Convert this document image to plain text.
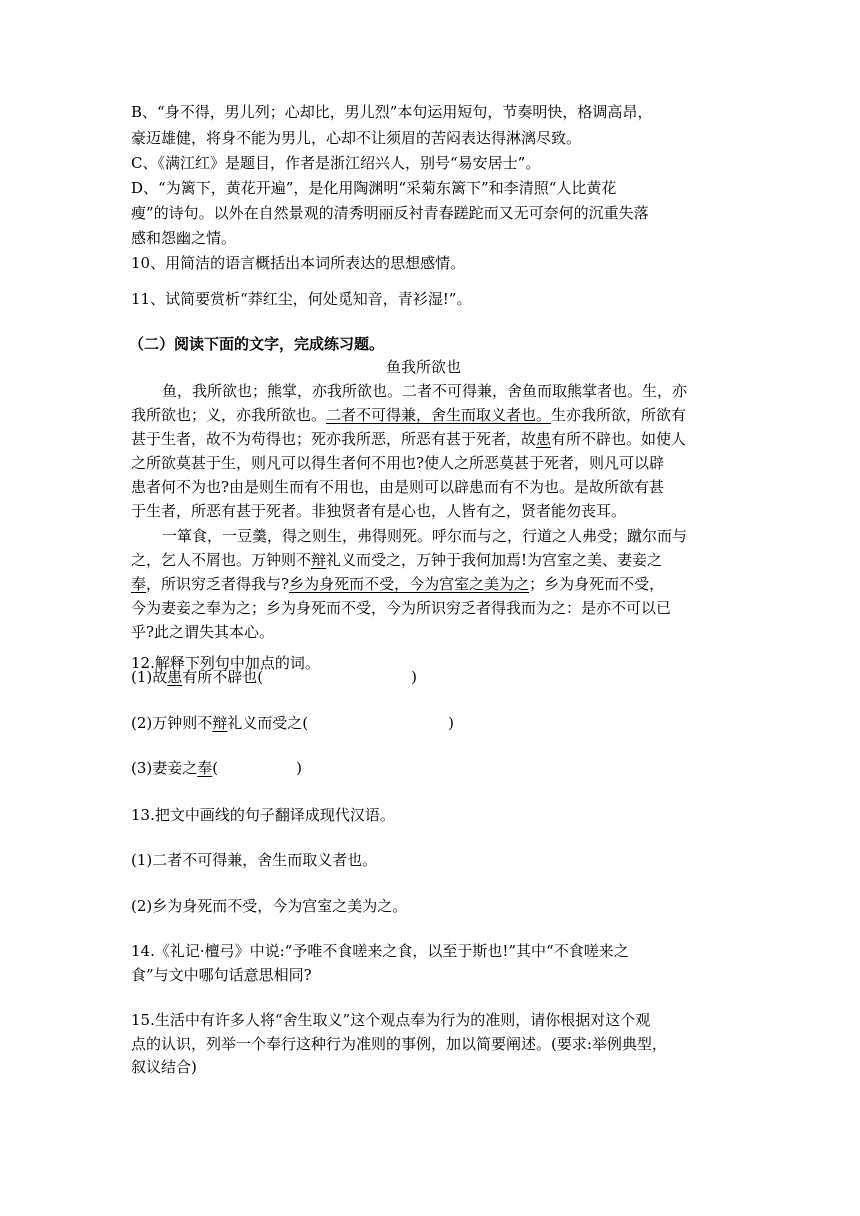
B、“身不得，男儿列；心却比，男儿烈”本句运用短句，节奏明快，格调高昂，
豪迈雄健，将身不能为男儿，心却不让须眉的苦闷表达得淋漓尽致。
C、《满江红》是题目，作者是浙江绍兴人，别号“易安居士”。
D、“为篱下，黄花开遍”，是化用陶渊明“采菊东篱下”和李清照“人比黄花
瘦”的诗句。以外在自然景观的清秀明丽反衬青春蹉跎而又无可奈何的沉重失落
感和怨幽之情。
10、用简洁的语言概括出本词所表达的思想感情。
11、试简要赏析“莽红尘，何处觅知音，青衫湿!”。
（二）阅读下面的文字，完成练习题。
鱼我所欲也
鱼，我所欲也；熊掌，亦我所欲也。二者不可得兼，舍鱼而取熊掌者也。生，亦
我所欲也；义，亦我所欲也。二者不可得兼，舍生而取义者也。生亦我所欲，所欲有
甚于生者，故不为苟得也；死亦我所恶，所恶有甚于死者，故患有所不辟也。如使人
之所欲莫甚于生，则凡可以得生者何不用也?使人之所恶莫甚于死者，则凡可以辟
患者何不为也?由是则生而有不用也，由是则可以辟患而有不为也。是故所欲有甚
于生者，所恶有甚于死者。非独贤者有是心也，人皆有之，贤者能勿丧耳。
一箪食，一豆羹，得之则生，弗得则死。呼尔而与之，行道之人弗受；蹴尔而与
之，乞人不屑也。万钟则不辩礼义而受之，万钟于我何加焉!为宫室之美、妻妾之
奉，所识穷乏者得我与?乡为身死而不受，今为宫室之美为之；乡为身死而不受，
今为妻妾之奉为之；乡为身死而不受，今为所识穷乏者得我而为之：是亦不可以已
乎?此之谓失其本心。
12.解释下列句中加点的词。
(1)故患有所不辟也(	)
(2)万钟则不辩礼义而受之(	)
(3)妻妾之奉(	)
13.把文中画线的句子翻译成现代汉语。
(1)二者不可得兼，舍生而取义者也。
(2)乡为身死而不受，今为宫室之美为之。
14.《礼记·檀弓》中说:“予唯不食嗟来之食，以至于斯也!”其中“不食嗟来之
食”与文中哪句话意思相同?
15.生活中有许多人将“舍生取义”这个观点奉为行为的准则，请你根据对这个观
点的认识，列举一个奉行这种行为准则的事例，加以简要阐述。(要求:举例典型，
叙议结合)
